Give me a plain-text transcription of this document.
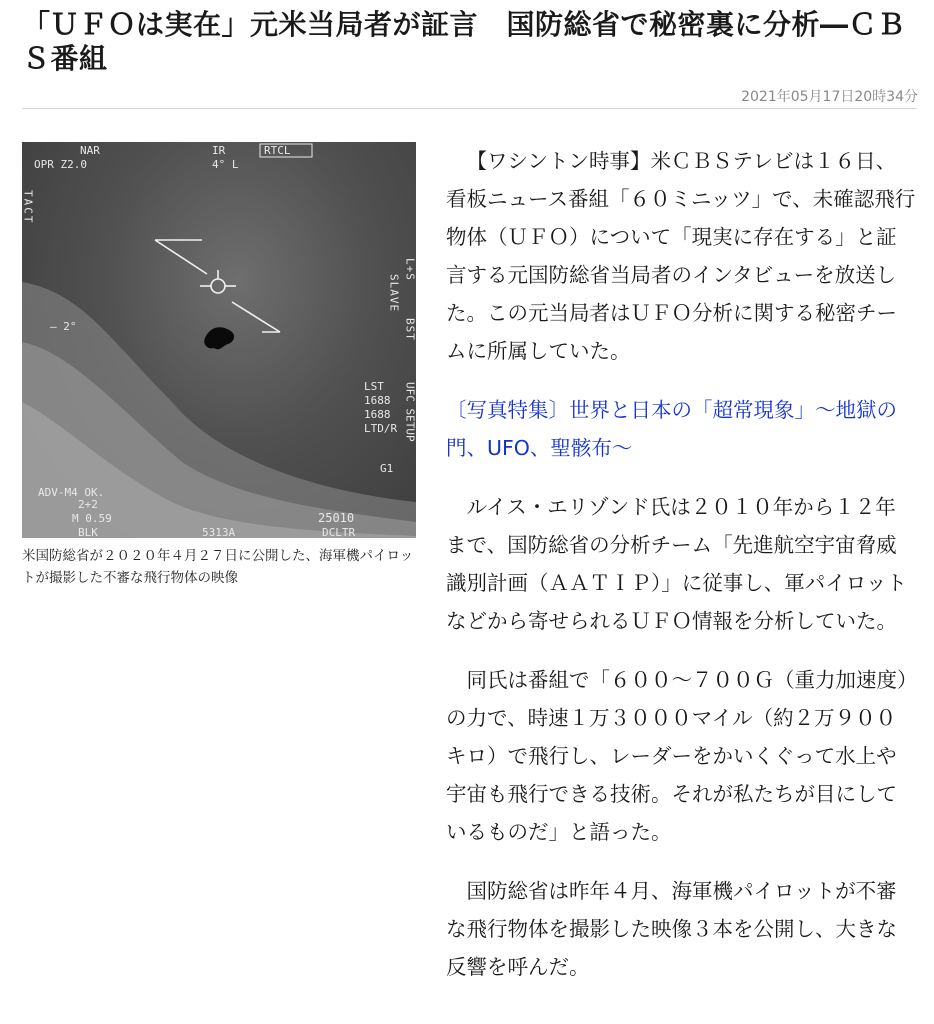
「ＵＦＯは実在」元米当局者が証言　国防総省で秘密裏に分析―ＣＢＳ番組
2021年05月17日20時34分
NAR
OPR Z2.0
IR
4° L
RTCL
TACT
– 2°
SLAVE
L+S
BST
LST
1688
1688
LTD/R UFC SETUP
G1
ADV-M4 OK.
2+2
M 0.59
BLK	5313A
25010
DCLTR

米国防総省が２０２０年４月２７日に公開した、海軍機パイロットが撮影した不審な飛行物体の映像

【ワシントン時事】米ＣＢＳテレビは１６日、看板ニュース番組「６０ミニッツ」で、未確認飛行物体（ＵＦＯ）について「現実に存在する」と証言する元国防総省当局者のインタビューを放送した。この元当局者はＵＦＯ分析に関する秘密チームに所属していた。

〔写真特集〕世界と日本の「超常現象」～地獄の門、UFO、聖骸布～

ルイス・エリゾンド氏は２０１０年から１２年まで、国防総省の分析チーム「先進航空宇宙脅威識別計画（ＡＡＴＩＰ）」に従事し、軍パイロットなどから寄せられるＵＦＯ情報を分析していた。

同氏は番組で「６００～７００Ｇ（重力加速度）の力で、時速１万３０００マイル（約２万９００キロ）で飛行し、レーダーをかいくぐって水上や宇宙も飛行できる技術。それが私たちが目にしているものだ」と語った。

国防総省は昨年４月、海軍機パイロットが不審な飛行物体を撮影した映像３本を公開し、大きな反響を呼んだ。
